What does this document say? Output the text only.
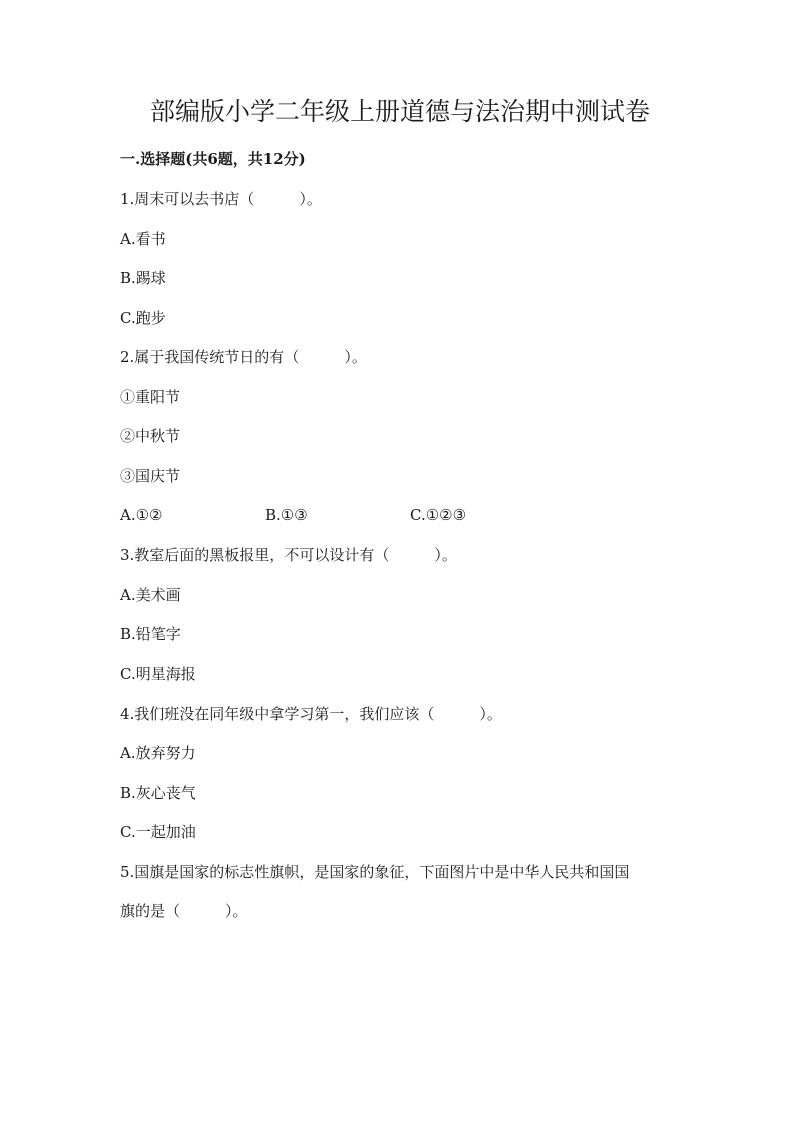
部编版小学二年级上册道德与法治期中测试卷
一.选择题(共6题，共12分)
1.周末可以去书店（　　　）。
A.看书
B.踢球
C.跑步
2.属于我国传统节日的有（　　　）。
①重阳节
②中秋节
③国庆节
A.①②	B.①③	C.①②③
3.教室后面的黑板报里，不可以设计有（　　　）。
A.美术画
B.铅笔字
C.明星海报
4.我们班没在同年级中拿学习第一，我们应该（　　　）。
A.放弃努力
B.灰心丧气
C.一起加油
5.国旗是国家的标志性旗帜，是国家的象征，下面图片中是中华人民共和国国
旗的是（　　　）。
